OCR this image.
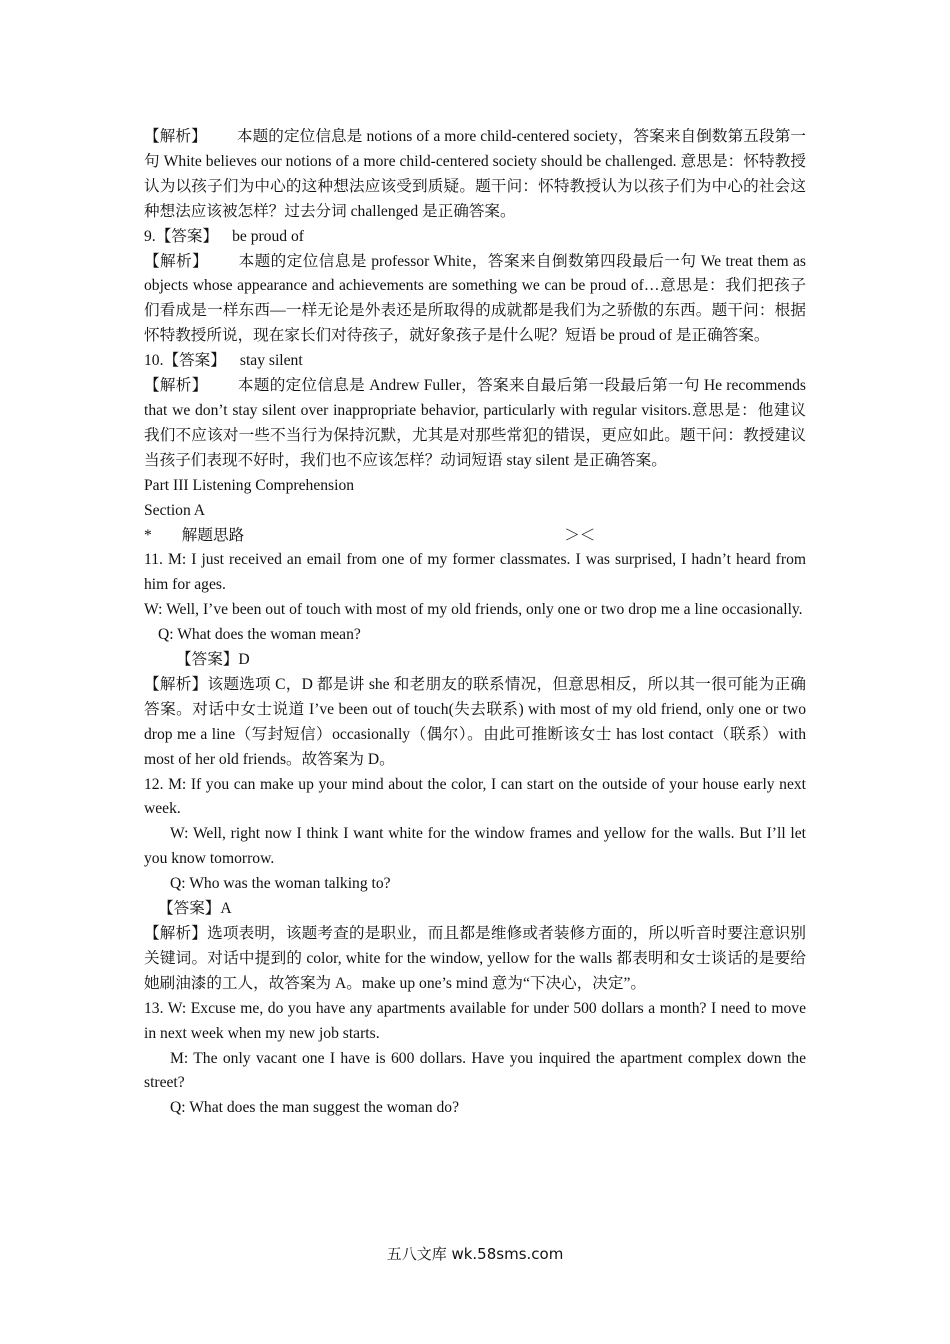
【解析】 本题的定位信息是 notions of a more child-centered society，答案来自倒数第五段第一句 White believes our notions of a more child-centered society should be challenged. 意思是：怀特教授认为以孩子们为中心的这种想法应该受到质疑。题干问：怀特教授认为以孩子们为中心的社会这种想法应该被怎样？过去分词 challenged 是正确答案。

9.【答案】 be proud of

【解析】 本题的定位信息是 professor White，答案来自倒数第四段最后一句 We treat them as objects whose appearance and achievements are something we can be proud of…意思是：我们把孩子们看成是一样东西—一样无论是外表还是所取得的成就都是我们为之骄傲的东西。题干问：根据怀特教授所说，现在家长们对待孩子，就好象孩子是什么呢？短语 be proud of 是正确答案。

10.【答案】 stay silent

【解析】 本题的定位信息是 Andrew Fuller，答案来自最后第一段最后第一句 He recommends that we don’t stay silent over inappropriate behavior, particularly with regular visitors.意思是：他建议我们不应该对一些不当行为保持沉默，尤其是对那些常犯的错误，更应如此。题干问：教授建议当孩子们表现不好时，我们也不应该怎样？动词短语 stay silent 是正确答案。

Part III Listening Comprehension

Section A

* 解题思路	＞＜

11. M: I just received an email from one of my former classmates. I was surprised, I hadn’t heard from him for ages.

W: Well, I’ve been out of touch with most of my old friends, only one or two drop me a line occasionally.

Q: What does the woman mean?

【答案】D

【解析】该题选项 C，D 都是讲 she 和老朋友的联系情况，但意思相反，所以其一很可能为正确答案。对话中女士说道 I’ve been out of touch(失去联系) with most of my old friend, only one or two drop me a line（写封短信）occasionally（偶尔）。由此可推断该女士 has lost contact（联系）with most of her old friends。故答案为 D。

12. M: If you can make up your mind about the color, I can start on the outside of your house early next week.

W: Well, right now I think I want white for the window frames and yellow for the walls. But I’ll let you know tomorrow.

Q: Who was the woman talking to?

【答案】A

【解析】选项表明，该题考查的是职业，而且都是维修或者装修方面的，所以听音时要注意识别关键词。对话中提到的 color, white for the window, yellow for the walls 都表明和女士谈话的是要给她刷油漆的工人，故答案为 A。make up one’s mind 意为“下决心，决定”。

13. W: Excuse me, do you have any apartments available for under 500 dollars a month? I need to move in next week when my new job starts.

M: The only vacant one I have is 600 dollars. Have you inquired the apartment complex down the street?

Q: What does the man suggest the woman do?

五八文库 wk.58sms.com
